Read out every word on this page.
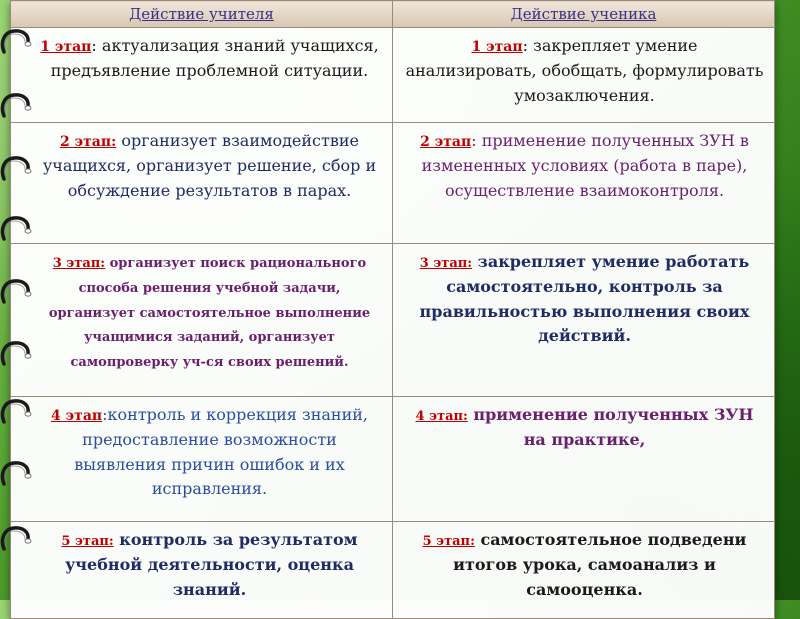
Действие учителя	Действие ученика
1 этап: актуализация знаний учащихся, предъявление проблемной ситуации.	1 этап: закрепляет умение анализировать, обобщать, формулировать умозаключения.
2 этап: организует взаимодействие учащихся, организует решение, сбор и обсуждение результатов в парах.	2 этап: применение полученных ЗУН в измененных условиях (работа в паре), осуществление взаимоконтроля.
3 этап: организует поиск рационального способа решения учебной задачи, организует самостоятельное выполнение учащимися заданий, организует самопроверку уч-ся своих решений.	3 этап: закрепляет умение работать самостоятельно, контроль за правильностью выполнения своих действий.
4 этап:контроль и коррекция знаний, предоставление возможности выявления причин ошибок и их исправления.	4 этап: применение полученных ЗУН на практике,
5 этап: контроль за результатом учебной деятельности, оценка знаний.	5 этап: самостоятельное подведени итогов урока, самоанализ и самооценка.
